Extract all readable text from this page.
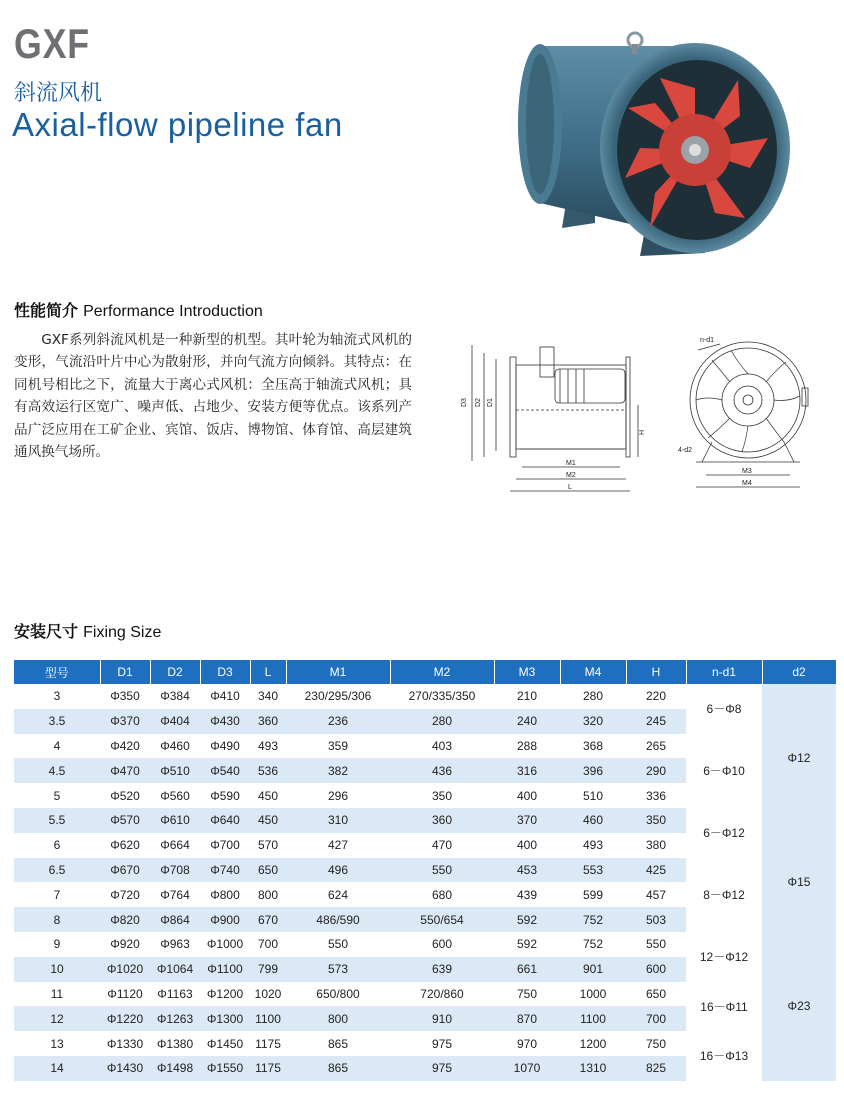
GXF
斜流风机
Axial-flow pipeline fan
性能简介 Performance Introduction
GXF系列斜流风机是一种新型的机型。其叶轮为轴流式风机的变形，气流沿叶片中心为散射形，并向气流方向倾斜。其特点：在同机号相比之下，流量大于离心式风机：全压高于轴流式风机；具有高效运行区宽广、噪声低、占地少、安装方便等优点。该系列产品广泛应用在工矿企业、宾馆、饭店、博物馆、体育馆、高层建筑通风换气场所。
D3 D2 D1
H
M1
M2
L
n-d1
4-d2
M3
M4
安装尺寸 Fixing Size
型号	D1	D2	D3	L	M1	M2	M3	M4	H	n-d1	d2
3	Φ350	Φ384	Φ410	340	230/295/306	270/335/350	210	280	220	6－Φ8	Φ12
3.5	Φ370	Φ404	Φ430	360	236	280	240	320	245		
4	Φ420	Φ460	Φ490	493	359	403	288	368	265	6－Φ10	
4.5	Φ470	Φ510	Φ540	536	382	436	316	396	290		
5	Φ520	Φ560	Φ590	450	296	350	400	510	336		
5.5	Φ570	Φ610	Φ640	450	310	360	370	460	350	6－Φ12	
6	Φ620	Φ664	Φ700	570	427	470	400	493	380		Φ15
6.5	Φ670	Φ708	Φ740	650	496	550	453	553	425	8－Φ12	
7	Φ720	Φ764	Φ800	800	624	680	439	599	457		
8	Φ820	Φ864	Φ900	670	486/590	550/654	592	752	503		
9	Φ920	Φ963	Φ1000	700	550	600	592	752	550	12－Φ12	Φ23
10	Φ1020	Φ1064	Φ1100	799	573	639	661	901	600		
11	Φ1120	Φ1163	Φ1200	1020	650/800	720/860	750	1000	650	16－Φ11	
12	Φ1220	Φ1263	Φ1300	1100	800	910	870	1100	700		
13	Φ1330	Φ1380	Φ1450	1175	865	975	970	1200	750	16－Φ13	
14	Φ1430	Φ1498	Φ1550	1175	865	975	1070	1310	825		
